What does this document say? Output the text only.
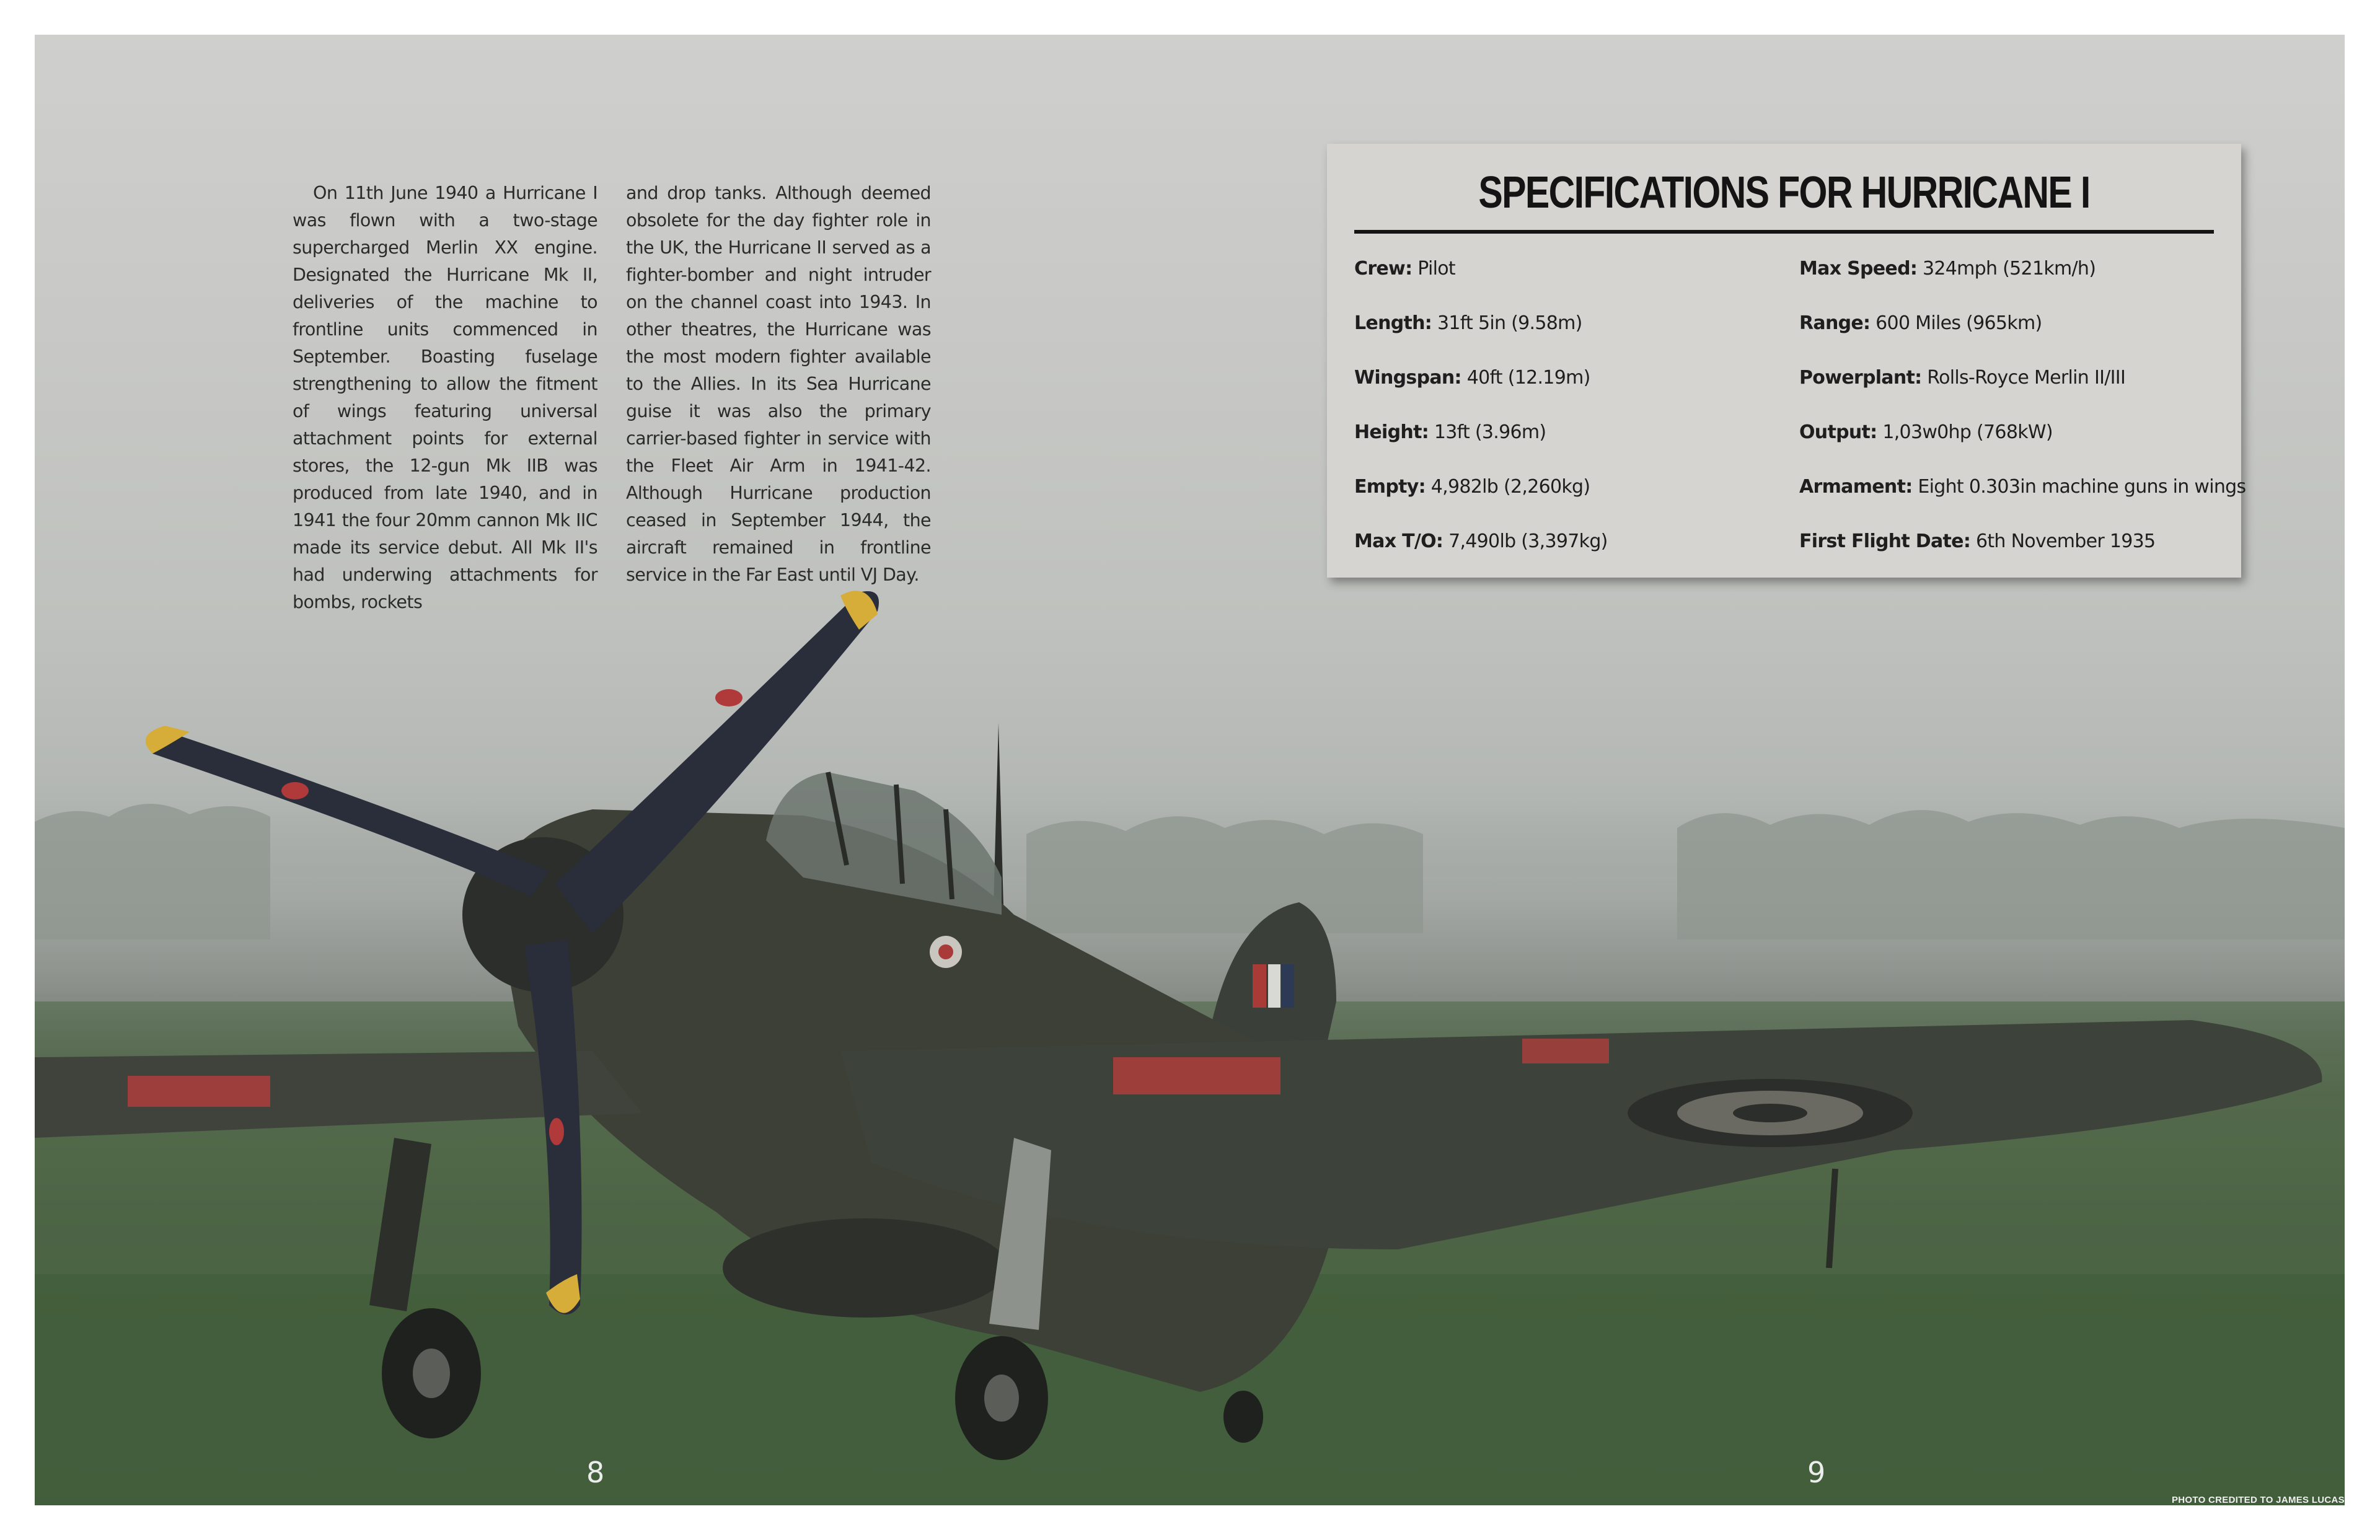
On 11th June 1940 a Hurricane I was flown with a two-stage supercharged Merlin XX engine. Designated the Hurricane Mk II, deliveries of the machine to frontline units commenced in September. Boasting fuselage strengthening to allow the fitment of wings featuring universal attachment points for external stores, the 12-gun Mk IIB was produced from late 1940, and in 1941 the four 20mm cannon Mk IIC made its service debut. All Mk II's had underwing attachments for bombs, rockets
and drop tanks. Although deemed obsolete for the day fighter role in the UK, the Hurricane II served as a fighter-bomber and night intruder on the channel coast into 1943. In other theatres, the Hurricane was the most modern fighter available to the Allies. In its Sea Hurricane guise it was also the primary carrier-based fighter in service with the Fleet Air Arm in 1941-42. Although Hurricane production ceased in September 1944, the aircraft remained in frontline service in the Far East until VJ Day.
SPECIFICATIONS FOR HURRICANE I
Crew: Pilot
Length: 31ft 5in (9.58m)
Wingspan: 40ft (12.19m)
Height: 13ft (3.96m)
Empty: 4,982lb (2,260kg)
Max T/O: 7,490lb (3,397kg)
Max Speed: 324mph (521km/h)
Range: 600 Miles (965km)
Powerplant: Rolls-Royce Merlin II/III
Output: 1,03w0hp (768kW)
Armament: Eight 0.303in machine guns in wings
First Flight Date: 6th November 1935
8	9
PHOTO CREDITED TO JAMES LUCAS
